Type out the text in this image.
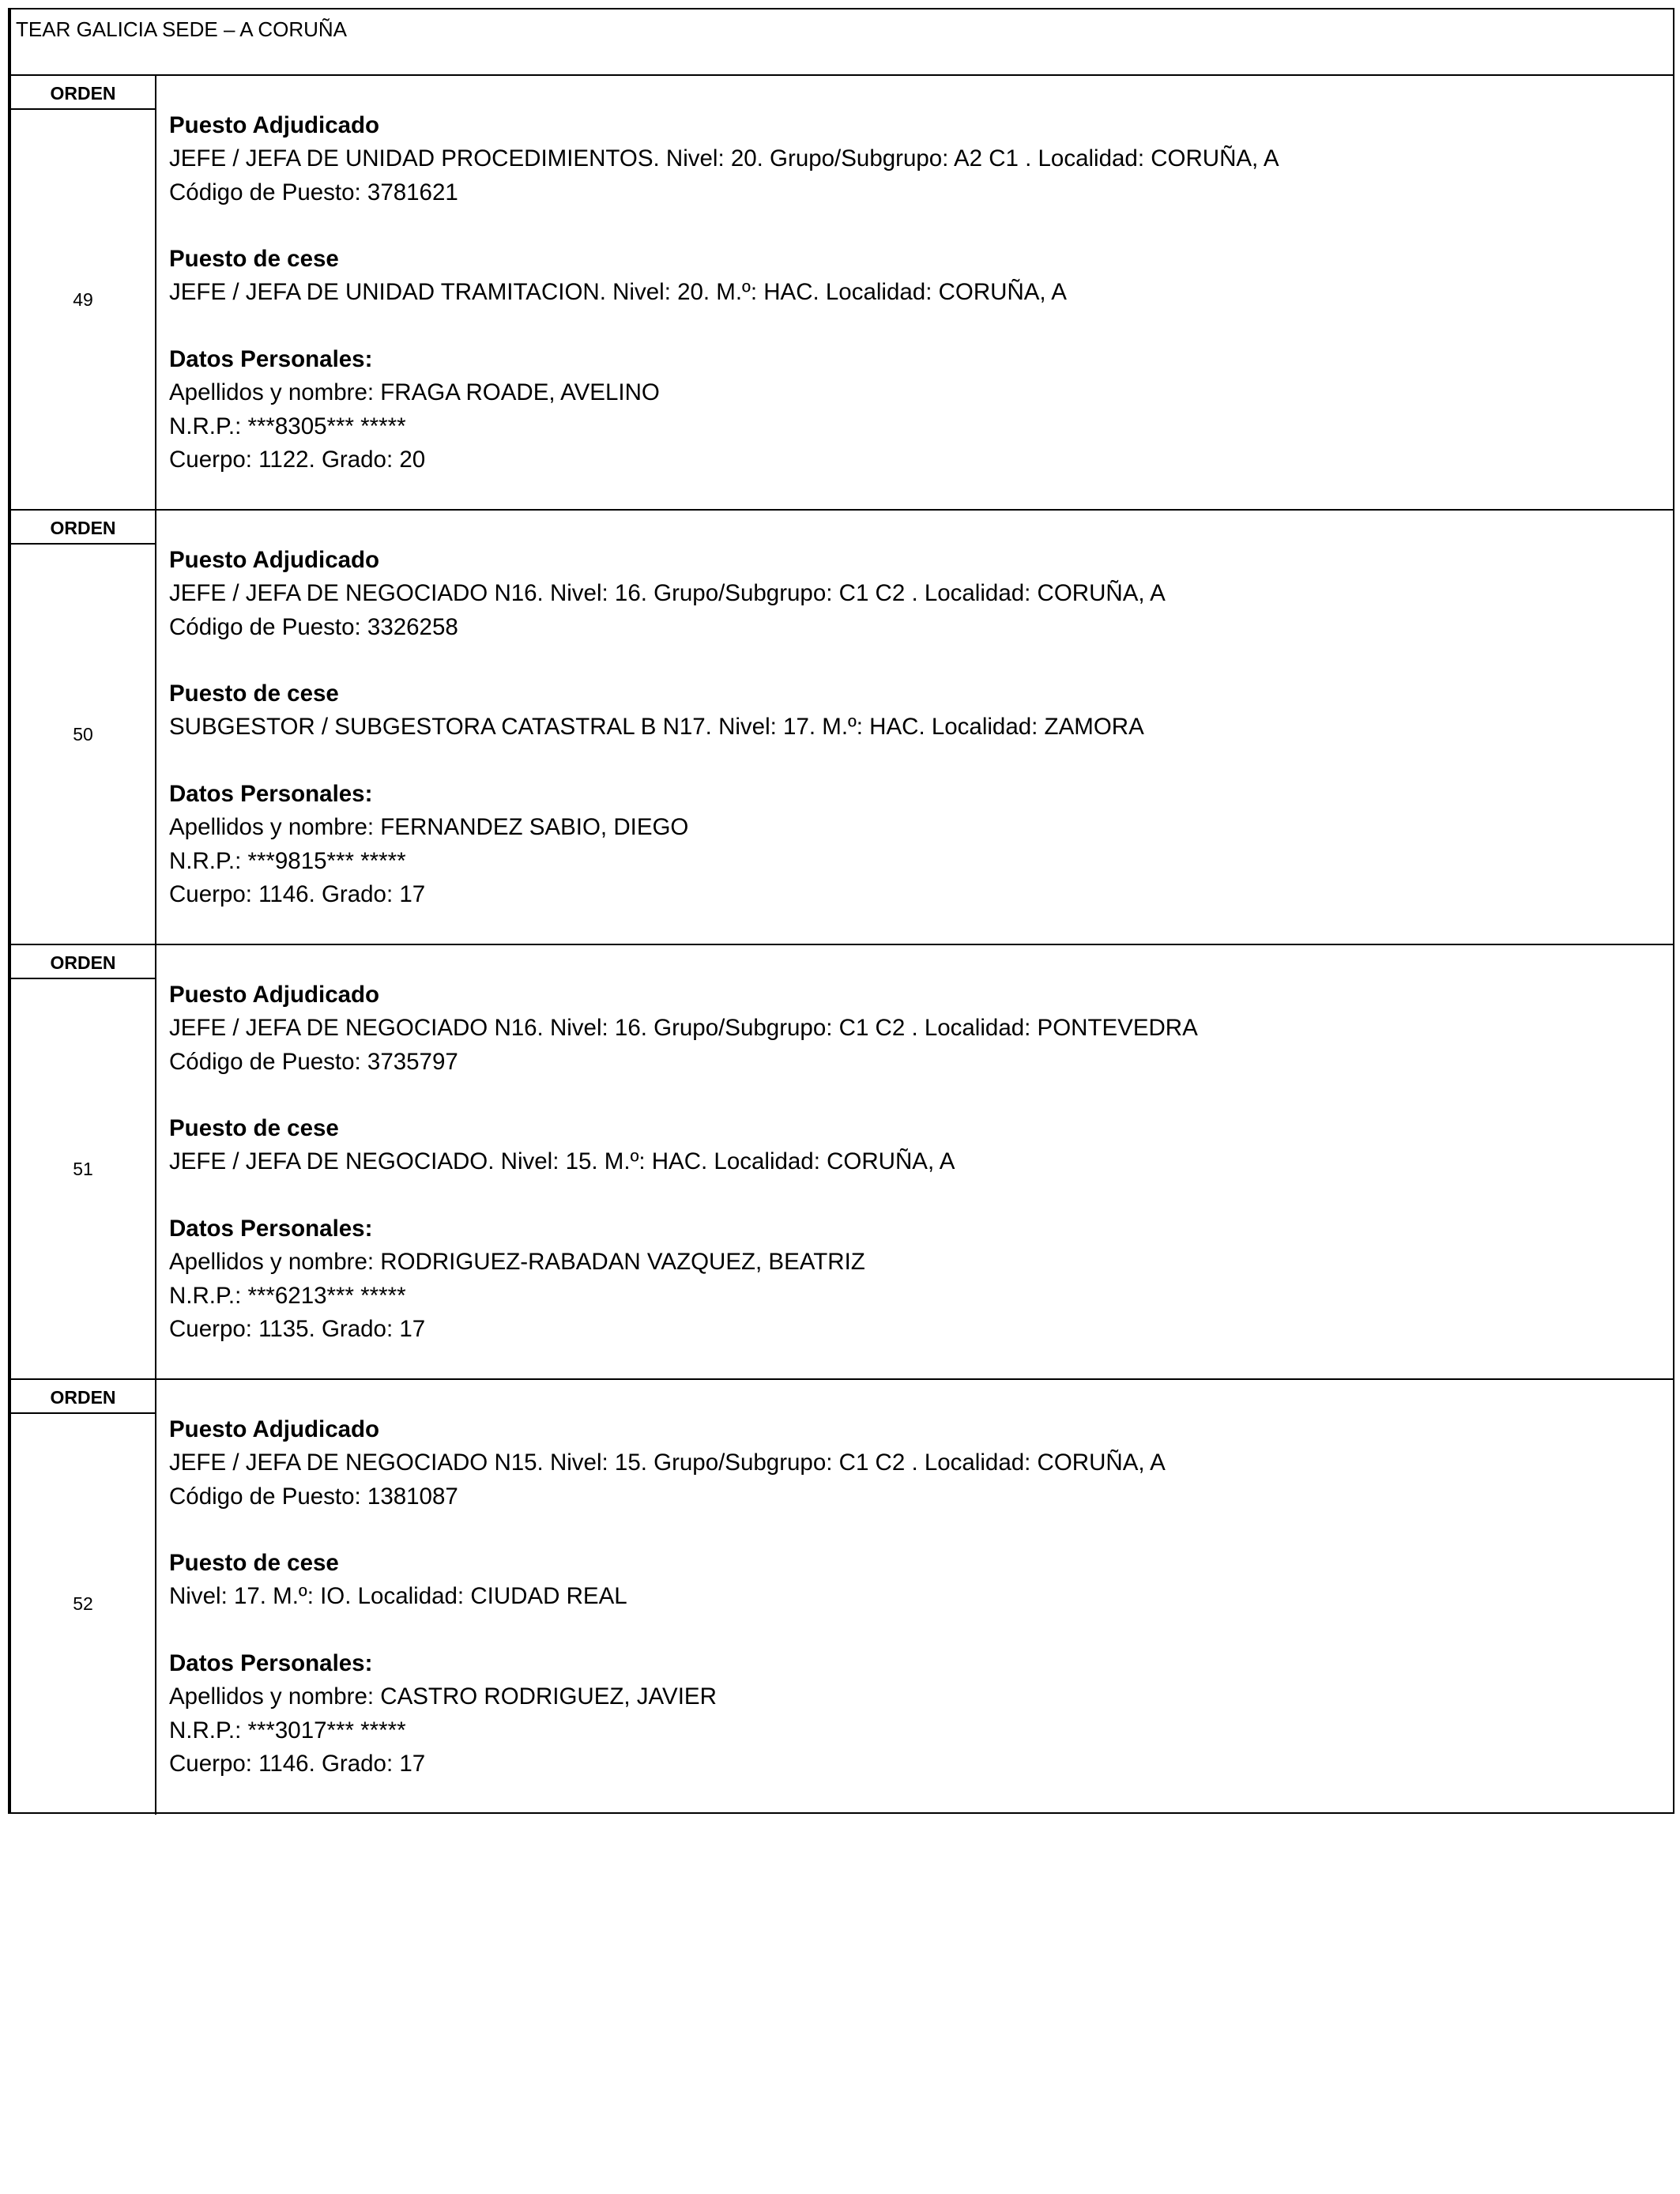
TEAR GALICIA SEDE – A CORUÑA
ORDEN
49
Puesto Adjudicado
JEFE / JEFA DE UNIDAD PROCEDIMIENTOS. Nivel: 20. Grupo/Subgrupo: A2 C1 . Localidad: CORUÑA, A
Código de Puesto: 3781621
Puesto de cese
JEFE / JEFA DE UNIDAD TRAMITACION. Nivel: 20. M.º: HAC. Localidad: CORUÑA, A
Datos Personales:
Apellidos y nombre: FRAGA ROADE, AVELINO
N.R.P.: ***8305*** *****
Cuerpo: 1122. Grado: 20
ORDEN
50
Puesto Adjudicado
JEFE / JEFA DE NEGOCIADO N16. Nivel: 16. Grupo/Subgrupo: C1 C2 . Localidad: CORUÑA, A
Código de Puesto: 3326258
Puesto de cese
SUBGESTOR / SUBGESTORA CATASTRAL B N17. Nivel: 17. M.º: HAC. Localidad: ZAMORA
Datos Personales:
Apellidos y nombre: FERNANDEZ SABIO, DIEGO
N.R.P.: ***9815*** *****
Cuerpo: 1146. Grado: 17
ORDEN
51
Puesto Adjudicado
JEFE / JEFA DE NEGOCIADO N16. Nivel: 16. Grupo/Subgrupo: C1 C2 . Localidad: PONTEVEDRA
Código de Puesto: 3735797
Puesto de cese
JEFE / JEFA DE NEGOCIADO. Nivel: 15. M.º: HAC. Localidad: CORUÑA, A
Datos Personales:
Apellidos y nombre: RODRIGUEZ-RABADAN VAZQUEZ, BEATRIZ
N.R.P.: ***6213*** *****
Cuerpo: 1135. Grado: 17
ORDEN
52
Puesto Adjudicado
JEFE / JEFA DE NEGOCIADO N15. Nivel: 15. Grupo/Subgrupo: C1 C2 . Localidad: CORUÑA, A
Código de Puesto: 1381087
Puesto de cese
Nivel: 17. M.º: IO. Localidad: CIUDAD REAL
Datos Personales:
Apellidos y nombre: CASTRO RODRIGUEZ, JAVIER
N.R.P.: ***3017*** *****
Cuerpo: 1146. Grado: 17
